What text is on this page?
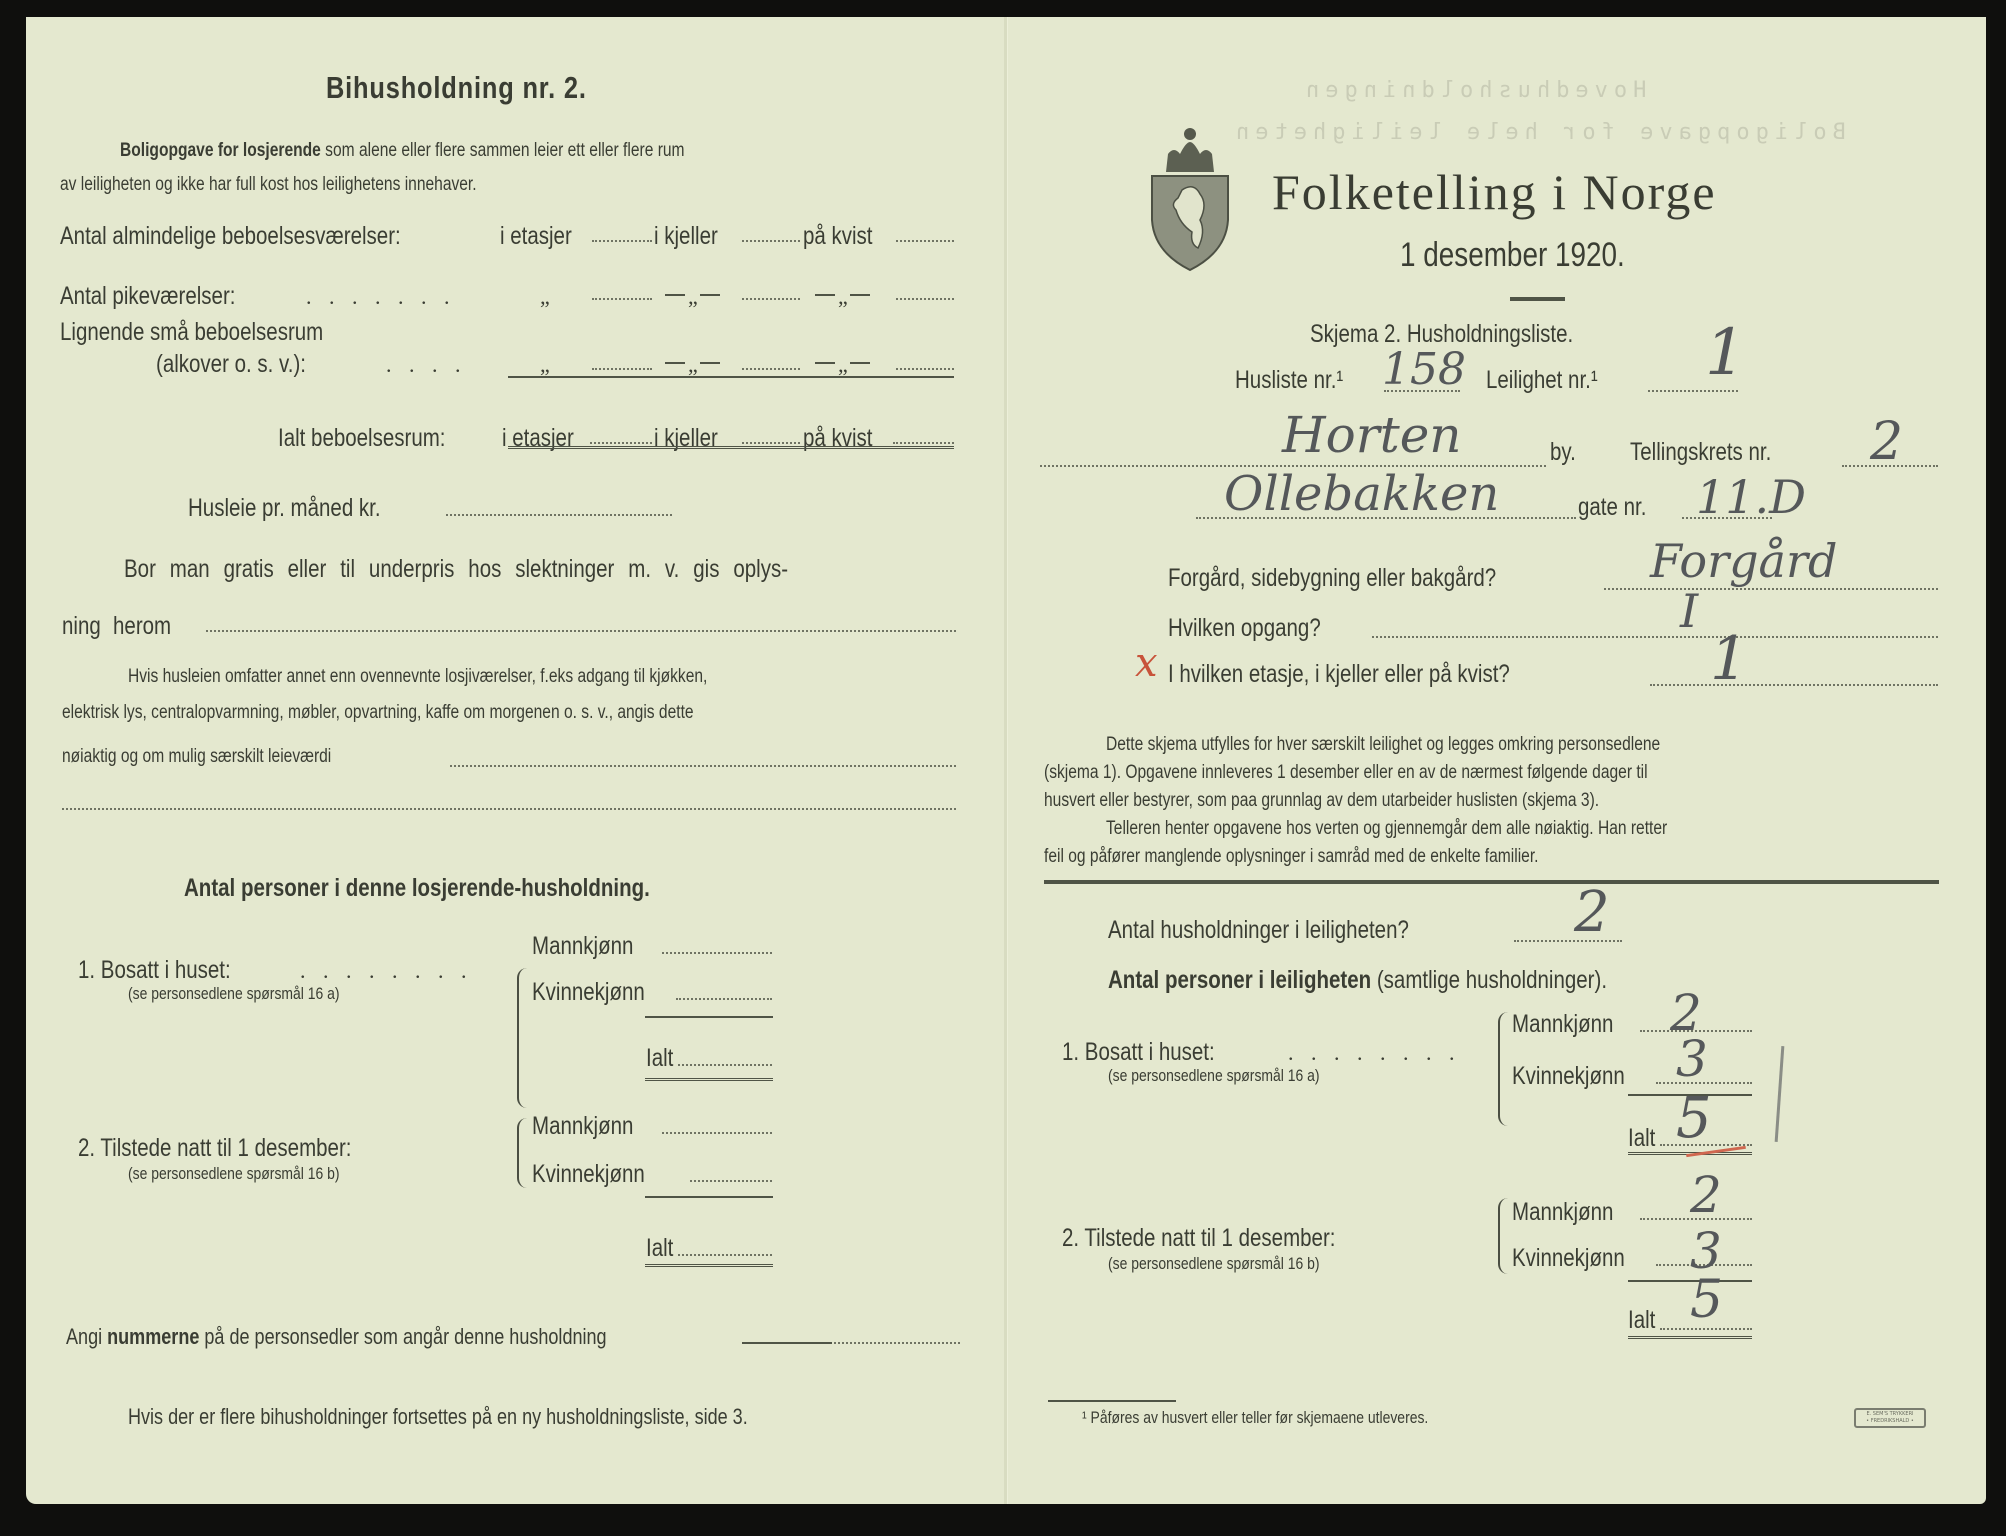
Bihusholdning nr. 2.
Boligopgave for losjerende som alene eller flere sammen leier ett eller flere rum
av leiligheten og ikke har full kost hos leilighetens innehaver.
Antal almindelige beboelsesværelser:	i etasjer	i kjeller	på kvist
Antal pikeværelser:	. . . . . . .	„	„	„
Lignende små beboelsesrum
(alkover o. s. v.):	. . . .	„	„	„
Ialt beboelsesrum: i etasjer	i kjeller	på kvist
Husleie pr. måned kr.
Bor man gratis eller til underpris hos slektninger m. v. gis oplys-
ning herom
Hvis husleien omfatter annet enn ovennevnte losjiværelser, f.eks adgang til kjøkken,
elektrisk lys, centralopvarmning, møbler, opvartning, kaffe om morgenen o. s. v., angis dette
nøiaktig og om mulig særskilt leieværdi
Antal personer i denne losjerende-husholdning.
1. Bosatt i huset:	. . . . . . . .
(se personsedlene spørsmål 16 a)
Mannkjønn
Kvinnekjønn
Ialt
2. Tilstede natt til 1 desember:
(se personsedlene spørsmål 16 b)
Mannkjønn
Kvinnekjønn
Ialt
Angi nummerne på de personsedler som angår denne husholdning
Hvis der er flere bihusholdninger fortsettes på en ny husholdningsliste, side 3.
Hovedhusholdningen
Boligopgave for hele leiligheten
Folketelling i Norge
1 desember 1920.
Skjema 2. Husholdningsliste.
Husliste nr.¹ 158 Leilighet nr.¹ 1
Horten	by. Tellingskrets nr. 2
Ollebakken	gate nr. 11.D
Forgård, sidebygning eller bakgård?	Forgård
Hvilken opgang?	I
x I hvilken etasje, i kjeller eller på kvist?	1
Dette skjema utfylles for hver særskilt leilighet og legges omkring personsedlene
(skjema 1). Opgavene innleveres 1 desember eller en av de nærmest følgende dager til
husvert eller bestyrer, som paa grunnlag av dem utarbeider huslisten (skjema 3).
Telleren henter opgavene hos verten og gjennemgår dem alle nøiaktig. Han retter
feil og påfører manglende oplysninger i samråd med de enkelte familier.
Antal husholdninger i leiligheten?	2
Antal personer i leiligheten (samtlige husholdninger).
1. Bosatt i huset:	. . . . . . . .
(se personsedlene spørsmål 16 a)
Mannkjønn 2
Kvinnekjønn 3
Ialt 5
2. Tilstede natt til 1 desember:
(se personsedlene spørsmål 16 b)
Mannkjønn 2
Kvinnekjønn 3
Ialt 5
¹ Påføres av husvert eller teller før skjemaene utleveres.	E. SEM'S TRYKKERI
• FREDRIKSHALD •
